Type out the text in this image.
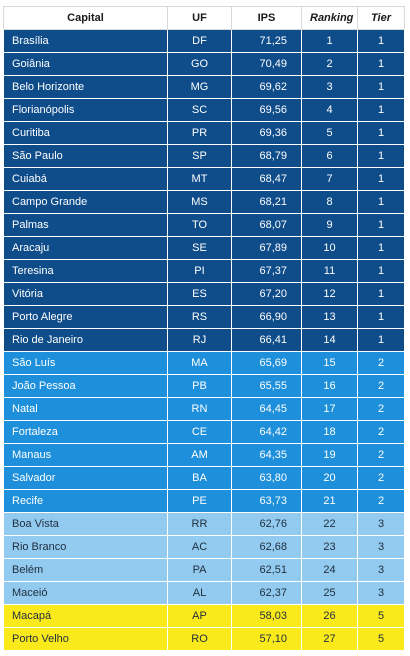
Capital	UF	IPS	Ranking	Tier
Brasília	DF	71,25	1	1
Goiânia	GO	70,49	2	1
Belo Horizonte	MG	69,62	3	1
Florianópolis	SC	69,56	4	1
Curitiba	PR	69,36	5	1
São Paulo	SP	68,79	6	1
Cuiabá	MT	68,47	7	1
Campo Grande	MS	68,21	8	1
Palmas	TO	68,07	9	1
Aracaju	SE	67,89	10	1
Teresina	PI	67,37	11	1
Vitória	ES	67,20	12	1
Porto Alegre	RS	66,90	13	1
Rio de Janeiro	RJ	66,41	14	1
São Luís	MA	65,69	15	2
João Pessoa	PB	65,55	16	2
Natal	RN	64,45	17	2
Fortaleza	CE	64,42	18	2
Manaus	AM	64,35	19	2
Salvador	BA	63,80	20	2
Recife	PE	63,73	21	2
Boa Vista	RR	62,76	22	3
Rio Branco	AC	62,68	23	3
Belém	PA	62,51	24	3
Maceió	AL	62,37	25	3
Macapá	AP	58,03	26	5
Porto Velho	RO	57,10	27	5
